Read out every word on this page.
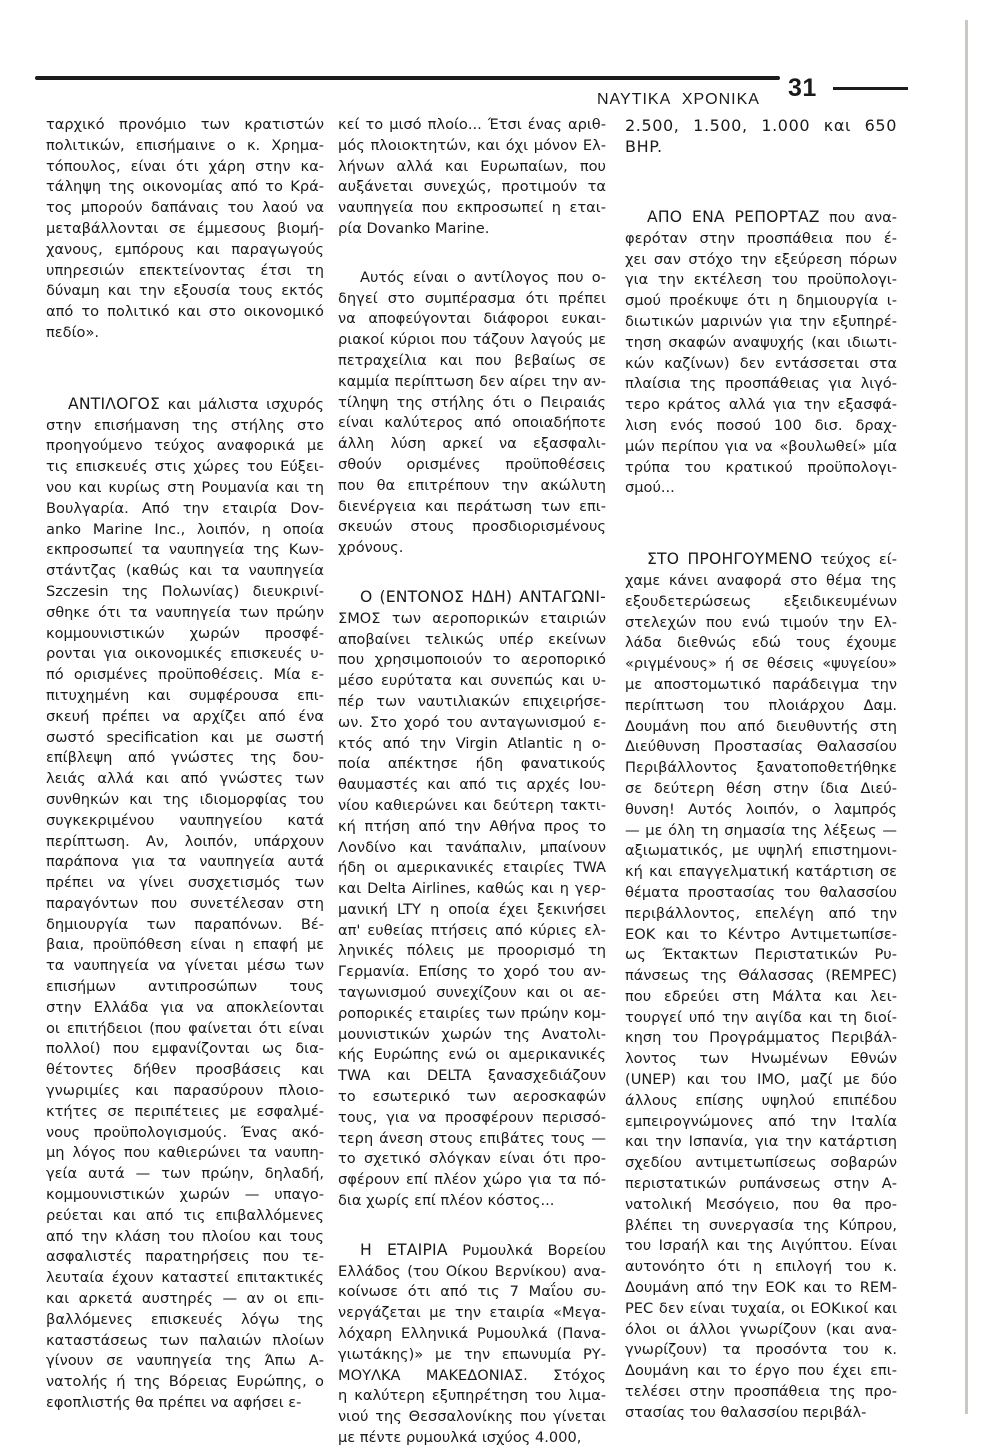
31
ΝΑΥΤΙΚΑ ΧΡΟΝΙΚΑ

ταρχικό προνόμιο των κρατιστών
πολιτικών, επισήμαινε ο κ. Χρημα-
τόπουλος, είναι ότι χάρη στην κα-
τάληψη της οικονομίας από το Κρά-
τος μπορούν δαπάναις του λαού να
μεταβάλλονται σε έμμεσους βιομή-
χανους, εμπόρους και παραγωγούς
υπηρεσιών επεκτείνοντας έτσι τη
δύναμη και την εξουσία τους εκτός
από το πολιτικό και στο οικονομικό
πεδίο».

ΑΝΤΙΛΟΓΟΣ και μάλιστα ισχυρός
στην επισήμανση της στήλης στο
προηγούμενο τεύχος αναφορικά με
τις επισκευές στις χώρες του Εύξει-
νου και κυρίως στη Ρουμανία και τη
Βουλγαρία. Από την εταιρία Dov-
anko Marine Inc., λοιπόν, η οποία
εκπροσωπεί τα ναυπηγεία της Κων-
στάντζας (καθώς και τα ναυπηγεία
Szczesin της Πολωνίας) διευκρινί-
σθηκε ότι τα ναυπηγεία των πρώην
κομμουνιστικών χωρών προσφέ-
ρονται για οικονομικές επισκευές υ-
πό ορισμένες προϋποθέσεις. Μία ε-
πιτυχημένη και συμφέρουσα επι-
σκευή πρέπει να αρχίζει από ένα
σωστό specification και με σωστή
επίβλεψη από γνώστες της δου-
λειάς αλλά και από γνώστες των
συνθηκών και της ιδιομορφίας του
συγκεκριμένου ναυπηγείου κατά
περίπτωση. Αν, λοιπόν, υπάρχουν
παράπονα για τα ναυπηγεία αυτά
πρέπει να γίνει συσχετισμός των
παραγόντων που συνετέλεσαν στη
δημιουργία των παραπόνων. Βέ-
βαια, προϋπόθεση είναι η επαφή με
τα ναυπηγεία να γίνεται μέσω των
επισήμων αντιπροσώπων τους
στην Ελλάδα για να αποκλείονται
οι επιτήδειοι (που φαίνεται ότι είναι
πολλοί) που εμφανίζονται ως δια-
θέτοντες δήθεν προσβάσεις και
γνωριμίες και παρασύρουν πλοιο-
κτήτες σε περιπέτειες με εσφαλμέ-
νους προϋπολογισμούς. Ένας ακό-
μη λόγος που καθιερώνει τα ναυπη-
γεία αυτά — των πρώην, δηλαδή,
κομμουνιστικών χωρών — υπαγο-
ρεύεται και από τις επιβαλλόμενες
από την κλάση του πλοίου και τους
ασφαλιστές παρατηρήσεις που τε-
λευταία έχουν καταστεί επιτακτικές
και αρκετά αυστηρές — αν οι επι-
βαλλόμενες επισκευές λόγω της
καταστάσεως των παλαιών πλοίων
γίνουν σε ναυπηγεία της Άπω Α-
νατολής ή της Βόρειας Ευρώπης, ο
εφοπλιστής θα πρέπει να αφήσει ε-

κεί το μισό πλοίο... Έτσι ένας αριθ-
μός πλοιοκτητών, και όχι μόνον Ελ-
λήνων αλλά και Ευρωπαίων, που
αυξάνεται συνεχώς, προτιμούν τα
ναυπηγεία που εκπροσωπεί η εται-
ρία Dovanko Marine.

Αυτός είναι ο αντίλογος που ο-
δηγεί στο συμπέρασμα ότι πρέπει
να αποφεύγονται διάφοροι ευκαι-
ριακοί κύριοι που τάζουν λαγούς με
πετραχείλια και που βεβαίως σε
καμμία περίπτωση δεν αίρει την αν-
τίληψη της στήλης ότι ο Πειραιάς
είναι καλύτερος από οποιαδήποτε
άλλη λύση αρκεί να εξασφαλι-
σθούν ορισμένες προϋποθέσεις
που θα επιτρέπουν την ακώλυτη
διενέργεια και περάτωση των επι-
σκευών στους προσδιορισμένους
χρόνους.

Ο (ΕΝΤΟΝΟΣ ΗΔΗ) ΑΝΤΑΓΩΝΙ-
ΣΜΟΣ των αεροπορικών εταιριών
αποβαίνει τελικώς υπέρ εκείνων
που χρησιμοποιούν το αεροπορικό
μέσο ευρύτατα και συνεπώς και υ-
πέρ των ναυτιλιακών επιχειρήσε-
ων. Στο χορό του ανταγωνισμού ε-
κτός από την Virgin Atlantic η ο-
ποία απέκτησε ήδη φανατικούς
θαυμαστές και από τις αρχές Ιου-
νίου καθιερώνει και δεύτερη τακτι-
κή πτήση από την Αθήνα προς το
Λονδίνο και τανάπαλιν, μπαίνουν
ήδη οι αμερικανικές εταιρίες TWA
και Delta Airlines, καθώς και η γερ-
μανική LTY η οποία έχει ξεκινήσει
απ' ευθείας πτήσεις από κύριες ελ-
ληνικές πόλεις με προορισμό τη
Γερμανία. Επίσης το χορό του αν-
ταγωνισμού συνεχίζουν και οι αε-
ροπορικές εταιρίες των πρώην κομ-
μουνιστικών χωρών της Ανατολι-
κής Ευρώπης ενώ οι αμερικανικές
TWA και DELTA ξανασχεδιάζουν
το εσωτερικό των αεροσκαφών
τους, για να προσφέρουν περισσό-
τερη άνεση στους επιβάτες τους —
το σχετικό σλόγκαν είναι ότι προ-
σφέρουν επί πλέον χώρο για τα πό-
δια χωρίς επί πλέον κόστος...

Η ΕΤΑΙΡΙΑ Ρυμουλκά Βορείου
Ελλάδος (του Οίκου Βερνίκου) ανα-
κοίνωσε ότι από τις 7 Μαΐου συ-
νεργάζεται με την εταιρία «Μεγα-
λόχαρη Ελληνικά Ρυμουλκά (Πανα-
γιωτάκης)» με την επωνυμία ΡΥ-
ΜΟΥΛΚΑ ΜΑΚΕΔΟΝΙΑΣ. Στόχος
η καλύτερη εξυπηρέτηση του λιμα-
νιού της Θεσσαλονίκης που γίνεται
με πέντε ρυμουλκά ισχύος 4.000,

2.500, 1.500, 1.000 και 650
BHP.

ΑΠΟ ΕΝΑ ΡΕΠΟΡΤΑΖ που ανα-
φερόταν στην προσπάθεια που έ-
χει σαν στόχο την εξεύρεση πόρων
για την εκτέλεση του προϋπολογι-
σμού προέκυψε ότι η δημιουργία ι-
διωτικών μαρινών για την εξυπηρέ-
τηση σκαφών αναψυχής (και ιδιωτι-
κών καζίνων) δεν εντάσσεται στα
πλαίσια της προσπάθειας για λιγό-
τερο κράτος αλλά για την εξασφά-
λιση ενός ποσού 100 δισ. δραχ-
μών περίπου για να «βουλωθεί» μία
τρύπα του κρατικού προϋπολογι-
σμού...

ΣΤΟ ΠΡΟΗΓΟΥΜΕΝΟ τεύχος εί-
χαμε κάνει αναφορά στο θέμα της
εξουδετερώσεως εξειδικευμένων
στελεχών που ενώ τιμούν την Ελ-
λάδα διεθνώς εδώ τους έχουμε
«ριγμένους» ή σε θέσεις «ψυγείου»
με αποστομωτικό παράδειγμα την
περίπτωση του πλοιάρχου Δαμ.
Δουμάνη που από διευθυντής στη
Διεύθυνση Προστασίας Θαλασσίου
Περιβάλλοντος ξανατοποθετήθηκε
σε δεύτερη θέση στην ίδια Διεύ-
θυνση! Αυτός λοιπόν, ο λαμπρός
— με όλη τη σημασία της λέξεως —
αξιωματικός, με υψηλή επιστημονι-
κή και επαγγελματική κατάρτιση σε
θέματα προστασίας του θαλασσίου
περιβάλλοντος, επελέγη από την
ΕΟΚ και το Κέντρο Αντιμετωπίσε-
ως Έκτακτων Περιστατικών Ρυ-
πάνσεως της Θάλασσας (REMPEC)
που εδρεύει στη Μάλτα και λει-
τουργεί υπό την αιγίδα και τη διοί-
κηση του Προγράμματος Περιβάλ-
λοντος των Ηνωμένων Εθνών
(UNEP) και του IMO, μαζί με δύο
άλλους επίσης υψηλού επιπέδου
εμπειρογνώμονες από την Ιταλία
και την Ισπανία, για την κατάρτιση
σχεδίου αντιμετωπίσεως σοβαρών
περιστατικών ρυπάνσεως στην Α-
νατολική Μεσόγειο, που θα προ-
βλέπει τη συνεργασία της Κύπρου,
του Ισραήλ και της Αιγύπτου. Είναι
αυτονόητο ότι η επιλογή του κ.
Δουμάνη από την ΕΟΚ και το REM-
PEC δεν είναι τυχαία, οι ΕΟΚικοί και
όλοι οι άλλοι γνωρίζουν (και ανα-
γνωρίζουν) τα προσόντα του κ.
Δουμάνη και το έργο που έχει επι-
τελέσει στην προσπάθεια της προ-
στασίας του θαλασσίου περιβάλ-
